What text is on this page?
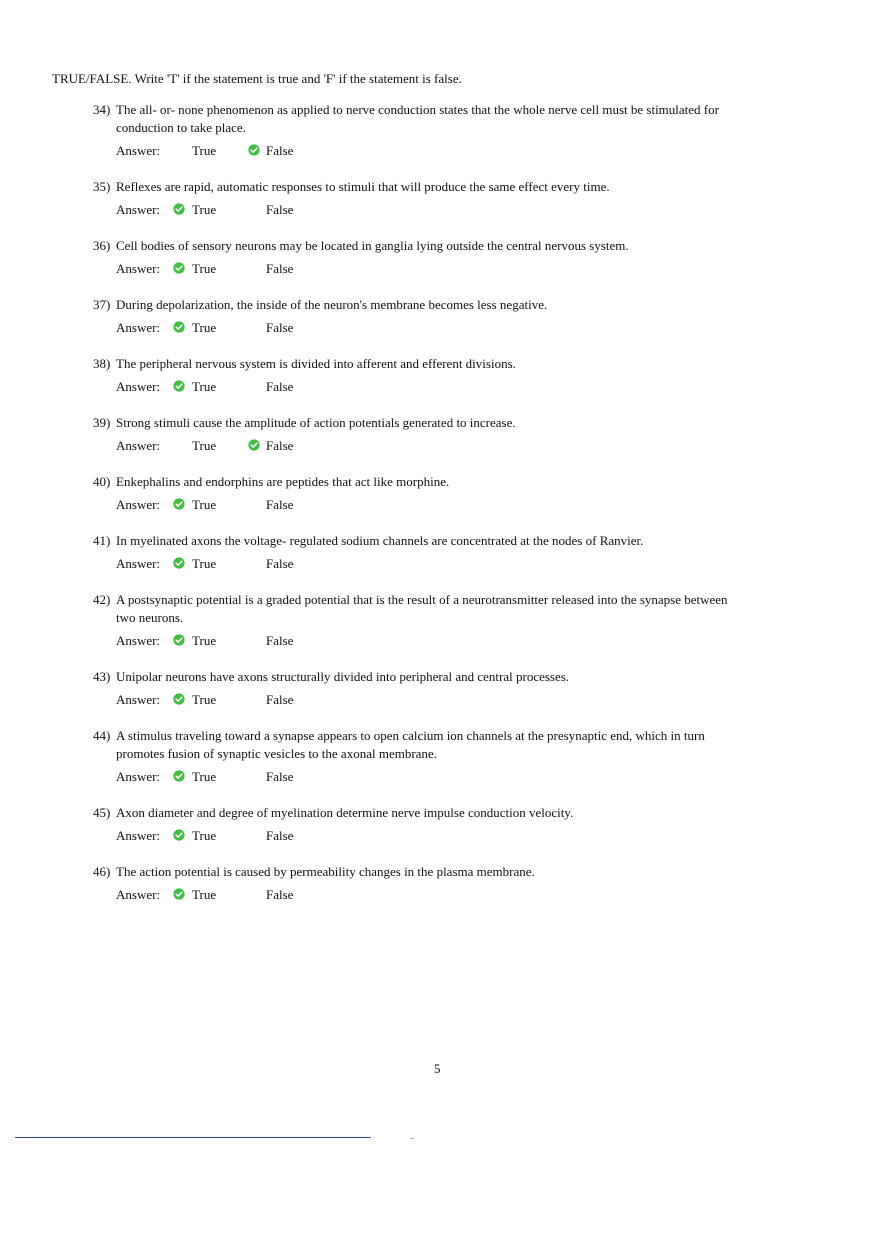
TRUE/FALSE. Write 'T' if the statement is true and 'F' if the statement is false.
34) The all- or- none phenomenon as applied to nerve conduction states that the whole nerve cell must be stimulated for conduction to take place.
Answer: True	False
35) Reflexes are rapid, automatic responses to stimuli that will produce the same effect every time.
Answer: True	False
36) Cell bodies of sensory neurons may be located in ganglia lying outside the central nervous system.
Answer: True	False
37) During depolarization, the inside of the neuron's membrane becomes less negative.
Answer: True	False
38) The peripheral nervous system is divided into afferent and efferent divisions.
Answer: True	False
39) Strong stimuli cause the amplitude of action potentials generated to increase.
Answer: True	False
40) Enkephalins and endorphins are peptides that act like morphine.
Answer: True	False
41) In myelinated axons the voltage- regulated sodium channels are concentrated at the nodes of Ranvier.
Answer: True	False
42) A postsynaptic potential is a graded potential that is the result of a neurotransmitter released into the synapse between two neurons.
Answer: True	False
43) Unipolar neurons have axons structurally divided into peripheral and central processes.
Answer: True	False
44) A stimulus traveling toward a synapse appears to open calcium ion channels at the presynaptic end, which in turn promotes fusion of synaptic vesicles to the axonal membrane.
Answer: True	False
45) Axon diameter and degree of myelination determine nerve impulse conduction velocity.
Answer: True	False
46) The action potential is caused by permeability changes in the plasma membrane.
Answer: True	False
5
